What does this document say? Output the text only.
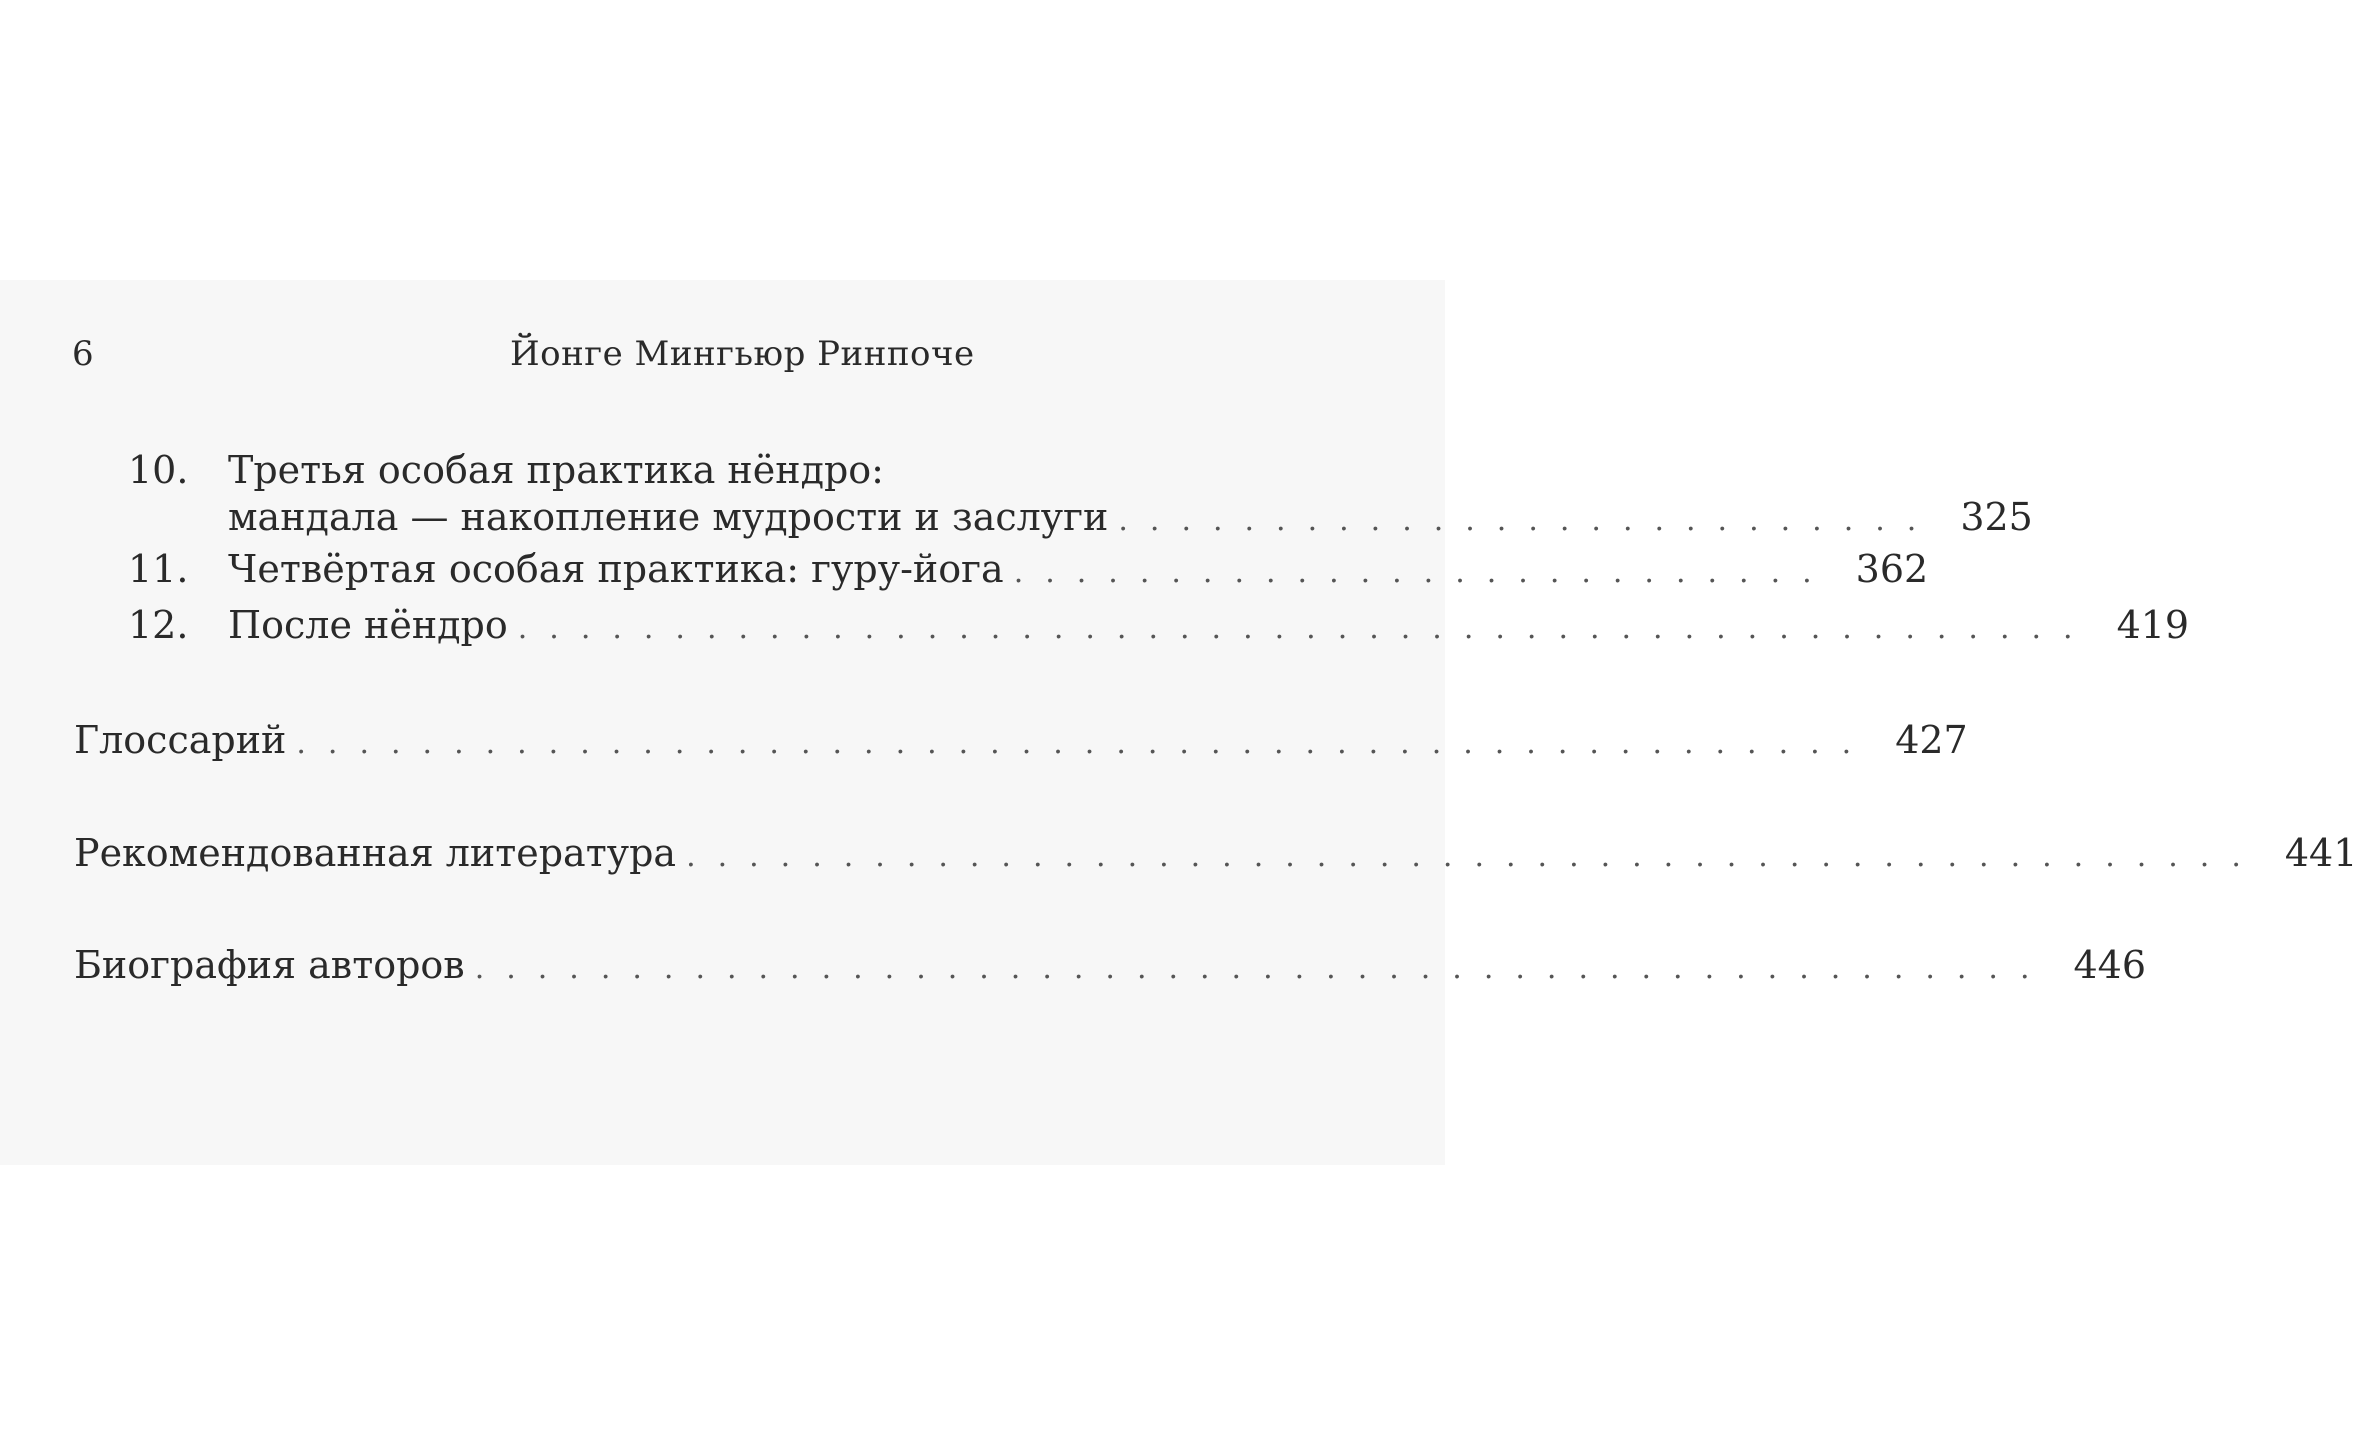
6	Йонге Мингьюр Ринпоче
10. Третья особая практика нёндро:
мандала — накопление мудрости и заслуги .......................... 325
11. Четвёртая особая практика: гуру-йога .......................... 362
12. После нёндро .................................................. 419
Глоссарий .................................................. 427
Рекомендованная литература .................................................. 441
Биография авторов .................................................. 446
